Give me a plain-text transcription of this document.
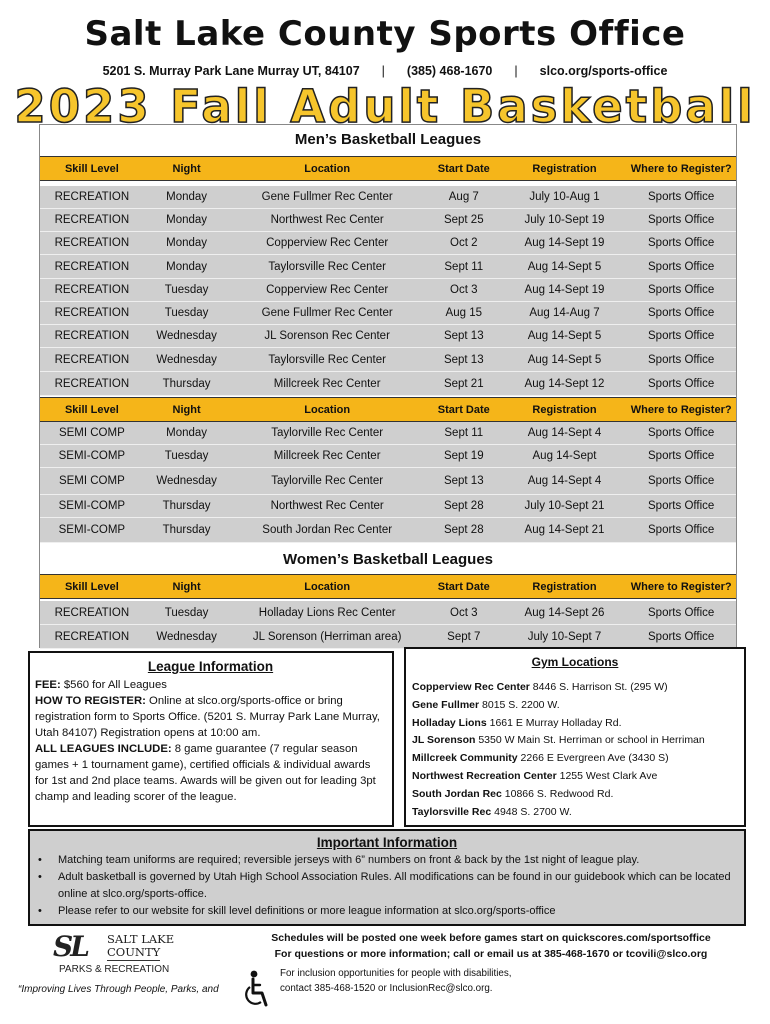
Salt Lake County Sports Office
5201 S. Murray Park Lane Murray UT, 84107 | (385) 468-1670 | slco.org/sports-office
2023 Fall Adult Basketball
Men’s Basketball Leagues
Women’s Basketball Leagues
Skill Level	Night	Location	Start Date	Registration	Where to Register?
RECREATION	Monday	Gene Fullmer Rec Center	Aug 7	July 10-Aug 1	Sports Office
RECREATION	Monday	Northwest Rec Center	Sept 25	July 10-Sept 19	Sports Office
RECREATION	Monday	Copperview Rec Center	Oct 2	Aug 14-Sept 19	Sports Office
RECREATION	Monday	Taylorsville Rec Center	Sept 11	Aug 14-Sept 5	Sports Office
RECREATION	Tuesday	Copperview Rec Center	Oct 3	Aug 14-Sept 19	Sports Office
RECREATION	Tuesday	Gene Fullmer Rec Center	Aug 15	Aug 14-Aug 7	Sports Office
RECREATION	Wednesday	JL Sorenson Rec Center	Sept 13	Aug 14-Sept 5	Sports Office
RECREATION	Wednesday	Taylorsville Rec Center	Sept 13	Aug 14-Sept 5	Sports Office
RECREATION	Thursday	Millcreek Rec Center	Sept 21	Aug 14-Sept 12	Sports Office
Skill Level	Night	Location	Start Date	Registration	Where to Register?
SEMI COMP	Monday	Taylorville Rec Center	Sept 11	Aug 14-Sept 4	Sports Office
SEMI-COMP	Tuesday	Millcreek Rec Center	Sept 19	Aug 14-Sept	Sports Office
SEMI COMP	Wednesday	Taylorville Rec Center	Sept 13	Aug 14-Sept 4	Sports Office
SEMI-COMP	Thursday	Northwest Rec Center	Sept 28	July 10-Sept 21	Sports Office
SEMI-COMP	Thursday	South Jordan Rec Center	Sept 28	Aug 14-Sept 21	Sports Office
Skill Level	Night	Location	Start Date	Registration	Where to Register?
RECREATION	Tuesday	Holladay Lions Rec Center	Oct 3	Aug 14-Sept 26	Sports Office
RECREATION	Wednesday	JL Sorenson (Herriman area)	Sept 7	July 10-Sept 7	Sports Office
League Information
FEE: $560 for All Leagues
HOW TO REGISTER: Online at slco.org/sports-office or bring registration form to Sports Office. (5201 S. Murray Park Lane Murray, Utah 84107) Registration opens at 10:00 am.
ALL LEAGUES INCLUDE: 8 game guarantee (7 regular season games + 1 tournament game), certified officials & individual awards for 1st and 2nd place teams. Awards will be given out for leading 3pt champ and leading scorer of the league.
Gym Locations
Copperview Rec Center 8446 S. Harrison St. (295 W)
Gene Fullmer 8015 S. 2200 W.
Holladay Lions 1661 E Murray Holladay Rd.
JL Sorenson 5350 W Main St. Herriman or school in Herriman
Millcreek Community 2266 E Evergreen Ave (3430 S)
Northwest Recreation Center 1255 West Clark Ave
South Jordan Rec 10866 S. Redwood Rd.
Taylorsville Rec 4948 S. 2700 W.
Important Information
• Matching team uniforms are required; reversible jerseys with 6” numbers on front & back by the 1st night of league play.
• Adult basketball is governed by Utah High School Association Rules. All modifications can be found in our guidebook which can be located online at slco.org/sports-office.
• Please refer to our website for skill level definitions or more league information at slco.org/sports-office
SL SALT LAKE
COUNTY
PARKS & RECREATION
“Improving Lives Through People, Parks, and
Schedules will be posted one week before games start on quickscores.com/sportsoffice
For questions or more information; call or email us at 385-468-1670 or tcovili@slco.org
For inclusion opportunities for people with disabilities,
contact 385-468-1520 or InclusionRec@slco.org.
